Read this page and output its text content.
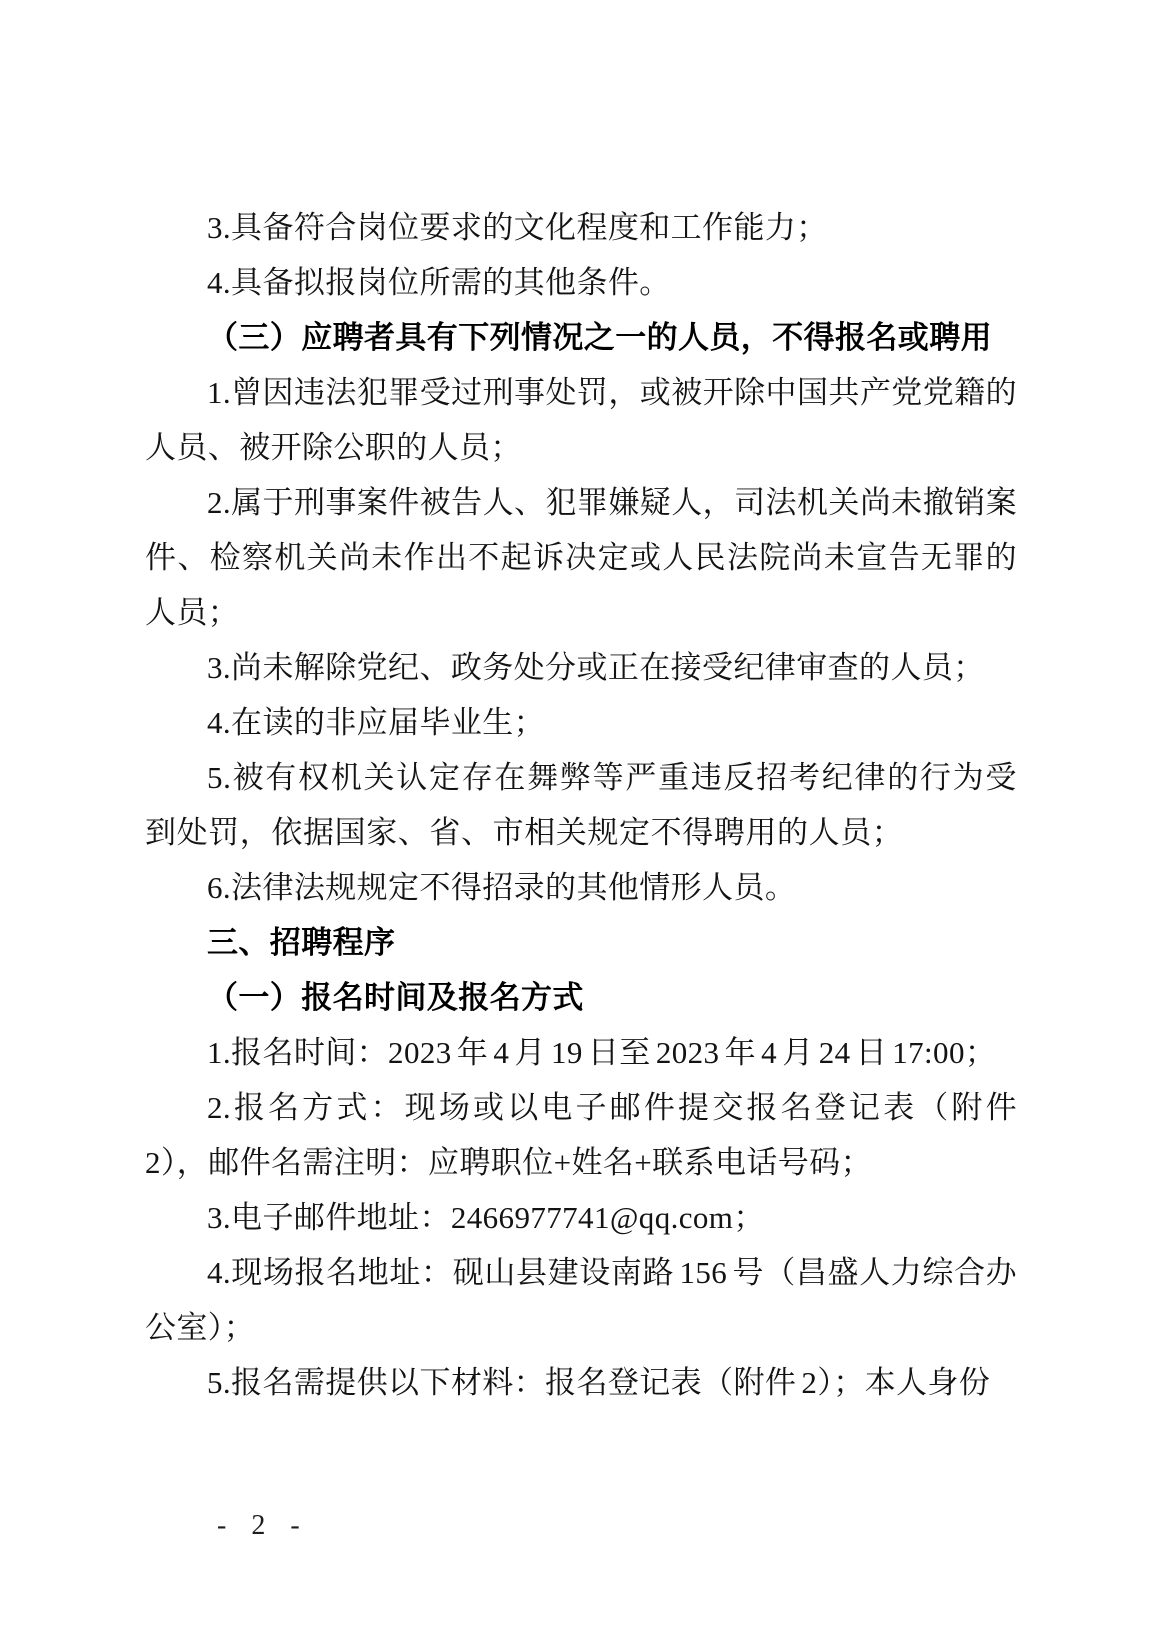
3.具备符合岗位要求的文化程度和工作能力；

4.具备拟报岗位所需的其他条件。

（三）应聘者具有下列情况之一的人员，不得报名或聘用

1.曾因违法犯罪受过刑事处罚，或被开除中国共产党党籍的人员、被开除公职的人员；

2.属于刑事案件被告人、犯罪嫌疑人，司法机关尚未撤销案件、检察机关尚未作出不起诉决定或人民法院尚未宣告无罪的人员；

3.尚未解除党纪、政务处分或正在接受纪律审查的人员；

4.在读的非应届毕业生；

5.被有权机关认定存在舞弊等严重违反招考纪律的行为受到处罚，依据国家、省、市相关规定不得聘用的人员；

6.法律法规规定不得招录的其他情形人员。

三、招聘程序
（一）报名时间及报名方式

1.报名时间：2023 年 4 月 19 日至 2023 年 4 月 24 日 17:00；

2.报名方式：现场或以电子邮件提交报名登记表（附件 2），邮件名需注明：应聘职位+姓名+联系电话号码；

3.电子邮件地址：2466977741@qq.com；

4.现场报名地址：砚山县建设南路 156 号（昌盛人力综合办公室）；

5.报名需提供以下材料：报名登记表（附件 2）；本人身份

- 2 -
